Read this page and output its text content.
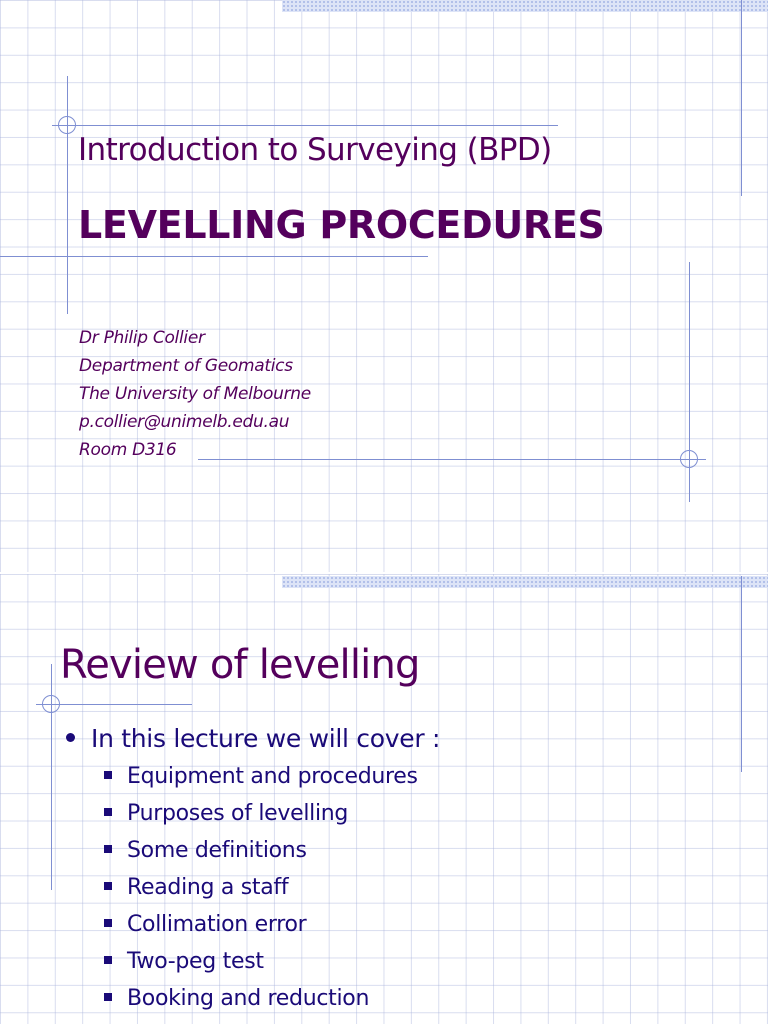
Introduction to Surveying (BPD)
LEVELLING PROCEDURES
Dr Philip Collier
Department of Geomatics
The University of Melbourne
p.collier@unimelb.edu.au
Room D316
Review of levelling
In this lecture we will cover :
Equipment and procedures
Purposes of levelling
Some definitions
Reading a staff
Collimation error
Two-peg test
Booking and reduction
